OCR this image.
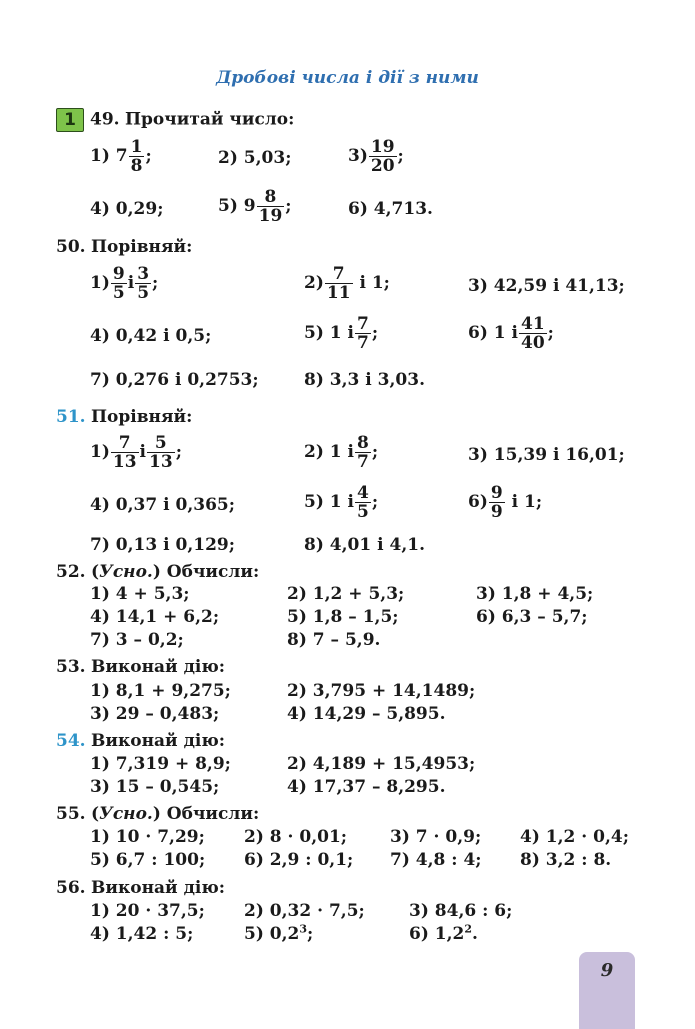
Дробові числа і дії з ними
1 49. Прочитай число:
1) $7 \frac{1}{8}$ ;	2) 5,03;	$3) \frac{19}{20}$ ;
4) 0,29;	5) $9 \frac{8}{19}$ ;	6) 4,713.
50. Порівняй:
$1) \frac{9}{5}$ і $\frac{3}{5}$ ;	$2) \frac{7}{11}$ і 1;	3) 42,59 і 41,13;
4) 0,42 і 0,5;	5) 1 і $\frac{7}{7}$ ;	6) 1 і $\frac{41}{40}$ ;
7) 0,276 і 0,2753;	8) 3,3 і 3,03.
51. Порівняй:
$1) \frac{7}{13}$ і $\frac{5}{13}$ ;	2) 1 і $\frac{8}{7}$ ;	3) 15,39 і 16,01;
4) 0,37 і 0,365;	5) 1 і $\frac{4}{5}$ ;	$6) \frac{9}{9}$ і 1;
7) 0,13 і 0,129;	8) 4,01 і 4,1.
52. (Усно.) Обчисли:
1) 4 + 5,3;	2) 1,2 + 5,3;	3) 1,8 + 4,5;
4) 14,1 + 6,2;	5) 1,8 – 1,5;	6) 6,3 – 5,7;
7) 3 – 0,2;	8) 7 – 5,9.
53. Виконай дію:
1) 8,1 + 9,275;	2) 3,795 + 14,1489;
3) 29 – 0,483;	4) 14,29 – 5,895.
54. Виконай дію:
1) 7,319 + 8,9;	2) 4,189 + 15,4953;
3) 15 – 0,545;	4) 17,37 – 8,295.
55. (Усно.) Обчисли:
1) 10 · 7,29; 2) 8 · 0,01;	3) 7 · 0,9; 4) 1,2 · 0,4;
5) 6,7 : 100; 6) 2,9 : 0,1; 7) 4,8 : 4; 8) 3,2 : 8.
56. Виконай дію:
1) 20 · 37,5; 2) 0,32 · 7,5;	3) 84,6 : 6;
4) 1,42 : 5;	5) $0,2^3$;	6) $1,2^2$.
9
